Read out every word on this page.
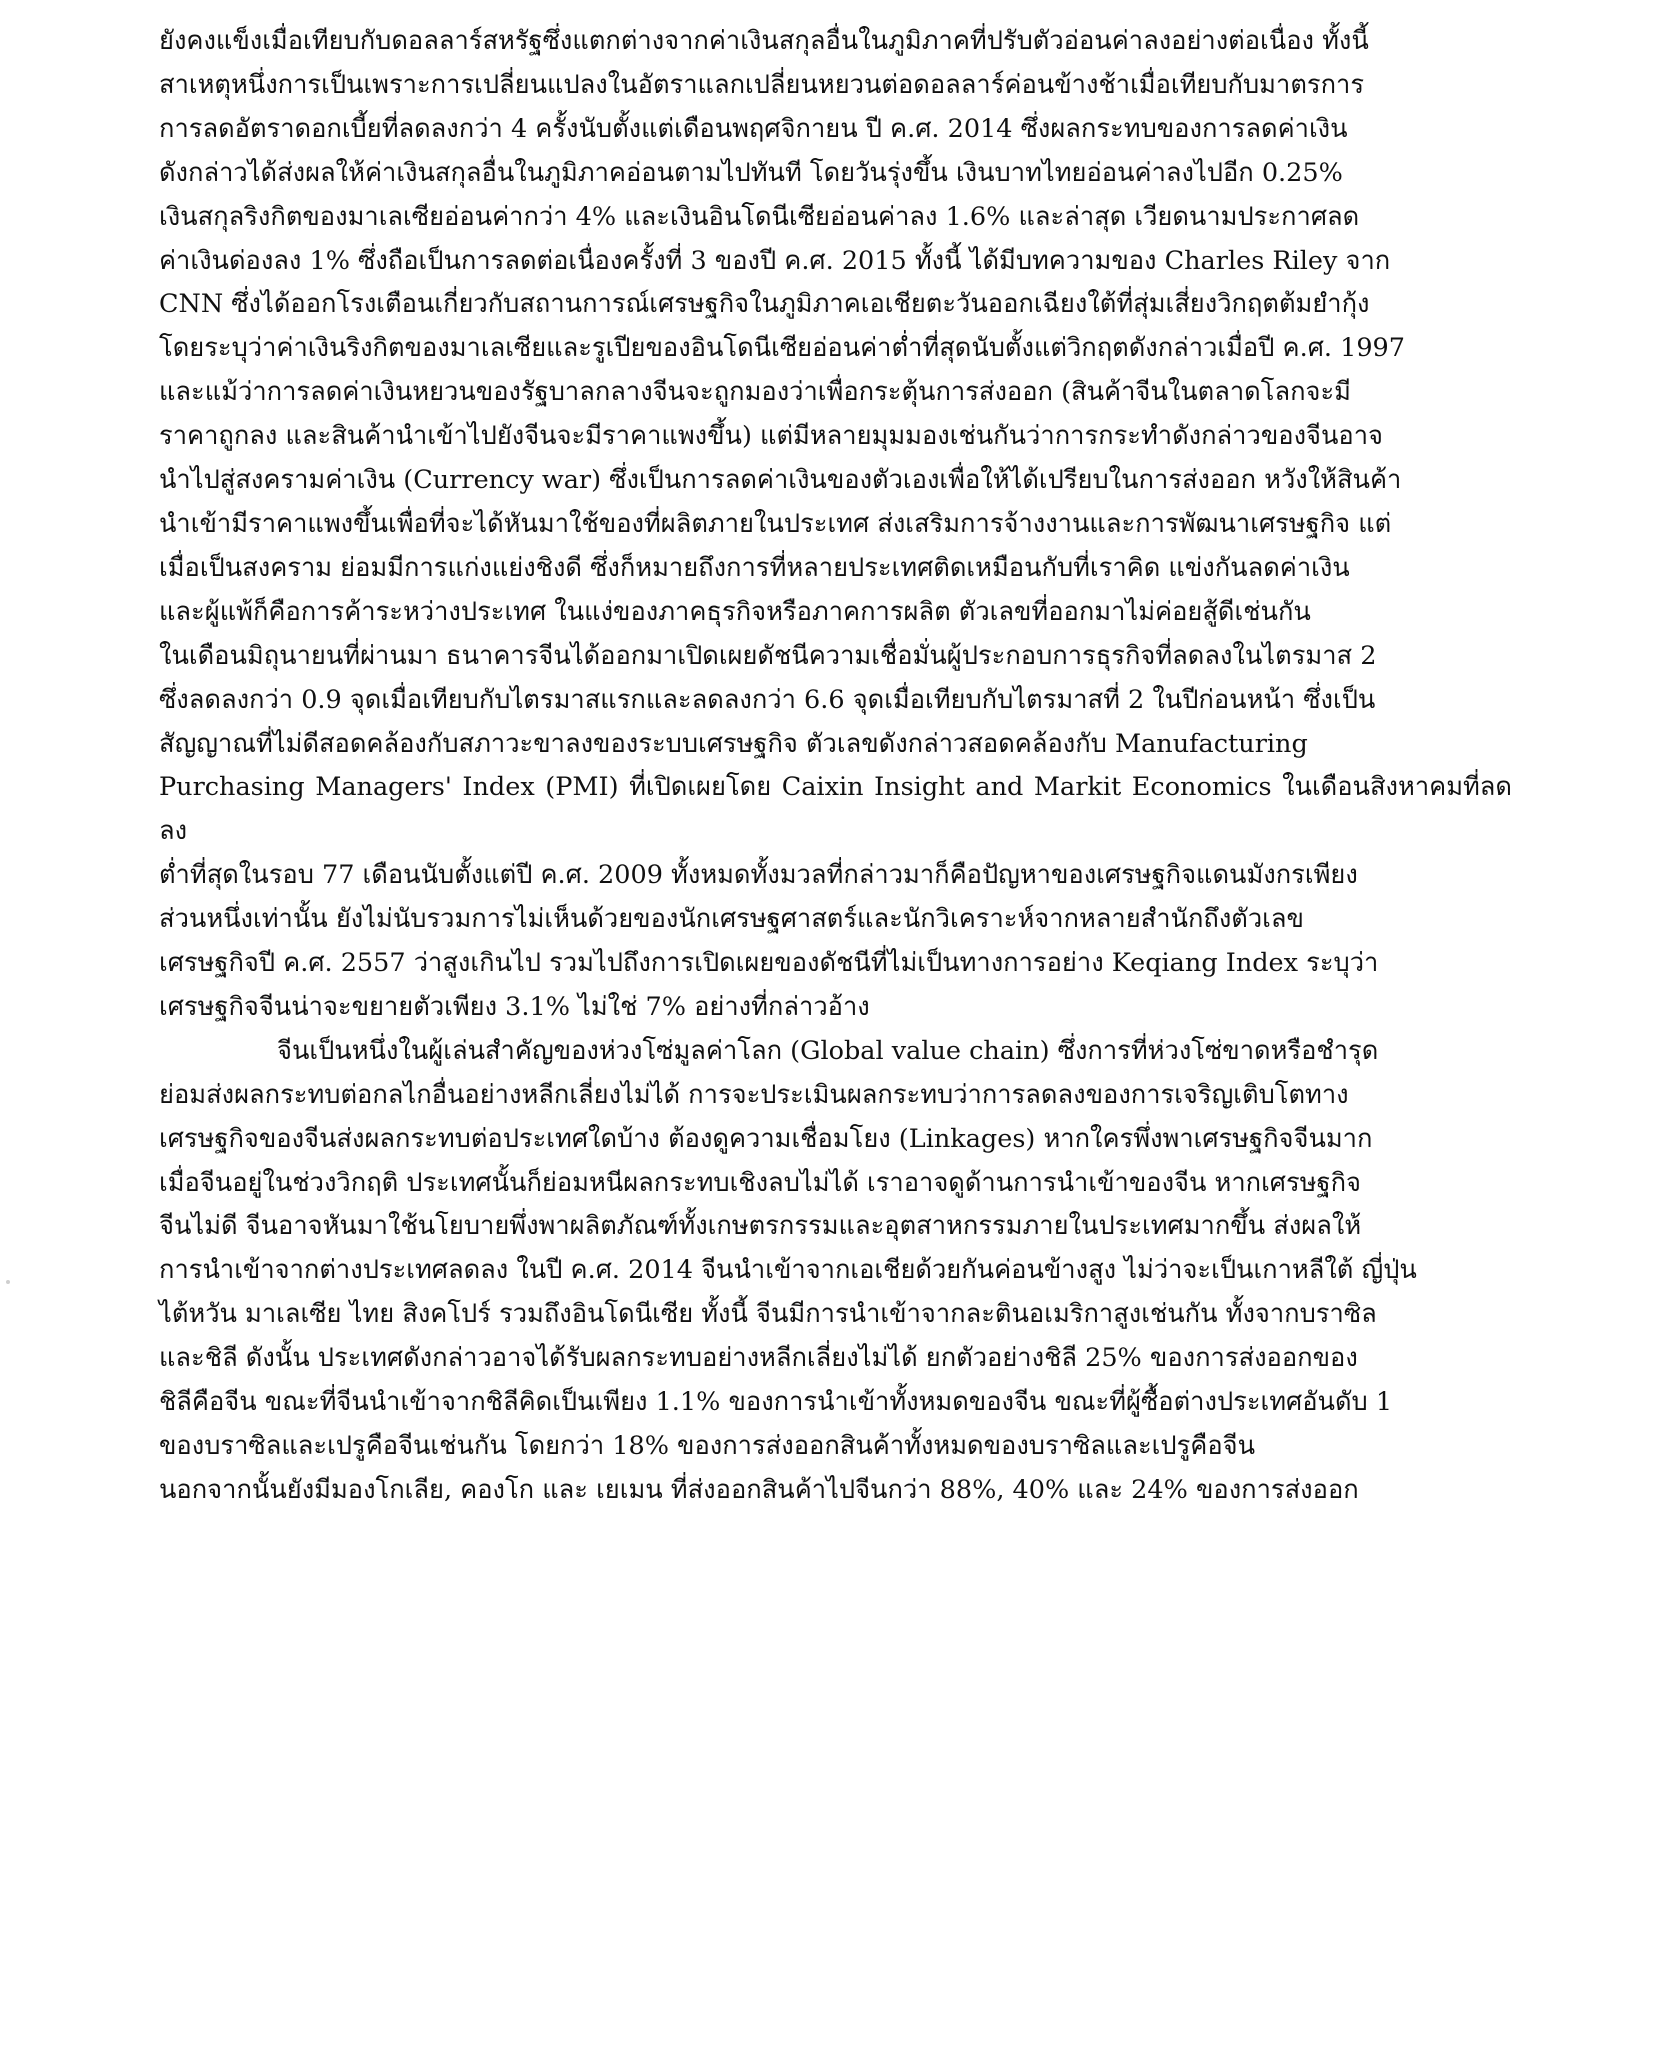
ยังคงแข็งเมื่อเทียบกับดอลลาร์สหรัฐซึ่งแตกต่างจากค่าเงินสกุลอื่นในภูมิภาคที่ปรับตัวอ่อนค่าลงอย่างต่อเนื่อง ทั้งนี้
สาเหตุหนึ่งการเป็นเพราะการเปลี่ยนแปลงในอัตราแลกเปลี่ยนหยวนต่อดอลลาร์ค่อนข้างช้าเมื่อเทียบกับมาตรการ
การลดอัตราดอกเบี้ยที่ลดลงกว่า 4 ครั้งนับตั้งแต่เดือนพฤศจิกายน ปี ค.ศ. 2014 ซึ่งผลกระทบของการลดค่าเงิน
ดังกล่าวได้ส่งผลให้ค่าเงินสกุลอื่นในภูมิภาคอ่อนตามไปทันที โดยวันรุ่งขึ้น เงินบาทไทยอ่อนค่าลงไปอีก 0.25%
เงินสกุลริงกิตของมาเลเซียอ่อนค่ากว่า 4% และเงินอินโดนีเซียอ่อนค่าลง 1.6% และล่าสุด เวียดนามประกาศลด
ค่าเงินด่องลง 1% ซึ่งถือเป็นการลดต่อเนื่องครั้งที่ 3 ของปี ค.ศ. 2015 ทั้งนี้ ได้มีบทความของ Charles Riley จาก
CNN ซึ่งได้ออกโรงเตือนเกี่ยวกับสถานการณ์เศรษฐกิจในภูมิภาคเอเชียตะวันออกเฉียงใต้ที่สุ่มเสี่ยงวิกฤตต้มยำกุ้ง
โดยระบุว่าค่าเงินริงกิตของมาเลเซียและรูเปียของอินโดนีเซียอ่อนค่าต่ำที่สุดนับตั้งแต่วิกฤตดังกล่าวเมื่อปี ค.ศ. 1997
และแม้ว่าการลดค่าเงินหยวนของรัฐบาลกลางจีนจะถูกมองว่าเพื่อกระตุ้นการส่งออก (สินค้าจีนในตลาดโลกจะมี
ราคาถูกลง และสินค้านำเข้าไปยังจีนจะมีราคาแพงขึ้น) แต่มีหลายมุมมองเช่นกันว่าการกระทำดังกล่าวของจีนอาจ
นำไปสู่สงครามค่าเงิน (Currency war) ซึ่งเป็นการลดค่าเงินของตัวเองเพื่อให้ได้เปรียบในการส่งออก หวังให้สินค้า
นำเข้ามีราคาแพงขึ้นเพื่อที่จะได้หันมาใช้ของที่ผลิตภายในประเทศ ส่งเสริมการจ้างงานและการพัฒนาเศรษฐกิจ แต่
เมื่อเป็นสงคราม ย่อมมีการแก่งแย่งชิงดี ซึ่งก็หมายถึงการที่หลายประเทศติดเหมือนกับที่เราคิด แข่งกันลดค่าเงิน
และผู้แพ้ก็คือการค้าระหว่างประเทศ ในแง่ของภาคธุรกิจหรือภาคการผลิต ตัวเลขที่ออกมาไม่ค่อยสู้ดีเช่นกัน
ในเดือนมิถุนายนที่ผ่านมา ธนาคารจีนได้ออกมาเปิดเผยดัชนีความเชื่อมั่นผู้ประกอบการธุรกิจที่ลดลงในไตรมาส 2
ซึ่งลดลงกว่า 0.9 จุดเมื่อเทียบกับไตรมาสแรกและลดลงกว่า 6.6 จุดเมื่อเทียบกับไตรมาสที่ 2 ในปีก่อนหน้า ซึ่งเป็น
สัญญาณที่ไม่ดีสอดคล้องกับสภาวะขาลงของระบบเศรษฐกิจ ตัวเลขดังกล่าวสอดคล้องกับ Manufacturing
Purchasing Managers' Index (PMI) ที่เปิดเผยโดย Caixin Insight and Markit Economics ในเดือนสิงหาคมที่ลดลง
ต่ำที่สุดในรอบ 77 เดือนนับตั้งแต่ปี ค.ศ. 2009 ทั้งหมดทั้งมวลที่กล่าวมาก็คือปัญหาของเศรษฐกิจแดนมังกรเพียง
ส่วนหนึ่งเท่านั้น ยังไม่นับรวมการไม่เห็นด้วยของนักเศรษฐศาสตร์และนักวิเคราะห์จากหลายสำนักถึงตัวเลข
เศรษฐกิจปี ค.ศ. 2557 ว่าสูงเกินไป รวมไปถึงการเปิดเผยของดัชนีที่ไม่เป็นทางการอย่าง Keqiang Index ระบุว่า
เศรษฐกิจจีนน่าจะขยายตัวเพียง 3.1% ไม่ใช่ 7% อย่างที่กล่าวอ้าง

จีนเป็นหนึ่งในผู้เล่นสำคัญของห่วงโซ่มูลค่าโลก (Global value chain) ซึ่งการที่ห่วงโซ่ขาดหรือชำรุด
ย่อมส่งผลกระทบต่อกลไกอื่นอย่างหลีกเลี่ยงไม่ได้ การจะประเมินผลกระทบว่าการลดลงของการเจริญเติบโตทาง
เศรษฐกิจของจีนส่งผลกระทบต่อประเทศใดบ้าง ต้องดูความเชื่อมโยง (Linkages) หากใครพึ่งพาเศรษฐกิจจีนมาก
เมื่อจีนอยู่ในช่วงวิกฤติ ประเทศนั้นก็ย่อมหนีผลกระทบเชิงลบไม่ได้ เราอาจดูด้านการนำเข้าของจีน หากเศรษฐกิจ
จีนไม่ดี จีนอาจหันมาใช้นโยบายพึ่งพาผลิตภัณฑ์ทั้งเกษตรกรรมและอุตสาหกรรมภายในประเทศมากขึ้น ส่งผลให้
การนำเข้าจากต่างประเทศลดลง ในปี ค.ศ. 2014 จีนนำเข้าจากเอเชียด้วยกันค่อนข้างสูง ไม่ว่าจะเป็นเกาหลีใต้ ญี่ปุ่น
ไต้หวัน มาเลเซีย ไทย สิงคโปร์ รวมถึงอินโดนีเซีย ทั้งนี้ จีนมีการนำเข้าจากละตินอเมริกาสูงเช่นกัน ทั้งจากบราซิล
และชิลี ดังนั้น ประเทศดังกล่าวอาจได้รับผลกระทบอย่างหลีกเลี่ยงไม่ได้ ยกตัวอย่างชิลี 25% ของการส่งออกของ
ชิลีคือจีน ขณะที่จีนนำเข้าจากชิลีคิดเป็นเพียง 1.1% ของการนำเข้าทั้งหมดของจีน ขณะที่ผู้ซื้อต่างประเทศอันดับ 1
ของบราซิลและเปรูคือจีนเช่นกัน โดยกว่า 18% ของการส่งออกสินค้าทั้งหมดของบราซิลและเปรูคือจีน
นอกจากนั้นยังมีมองโกเลีย, คองโก และ เยเมน ที่ส่งออกสินค้าไปจีนกว่า 88%, 40% และ 24% ของการส่งออก
